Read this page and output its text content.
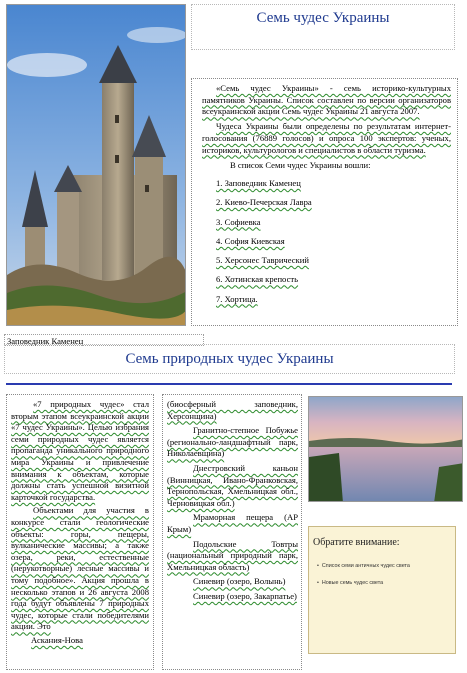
Семь чудес Украины

«Семь чудес Украины» - семь историко-культурных памятников Украины. Список составлен по версии организаторов всеукраинской акции Семь чудес Украины 21 августа 2007.

Чудеса Украины были определены по результатам интернет-голосования (76889 голосов) и опроса 100 экспертов: ученых, историков, культурологов и специалистов в области туризма.

В список Семи чудес Украины вошли:
1. Заповедник Каменец
2. Киево-Печерская Лавра
3. Софиевка
4. София Киевская
5. Херсонес Таврический
6. Хотинская крепость
7. Хортица.
Заповедник Каменец
Семь природных чудес Украины

«7 природных чудес» стал вторым этапом всеукраинской акции «7 чудес Украины». Целью избрания семи природных чудес является пропаганда уникального природного мира Украины и привлечение внимания к объектам, которые должны стать успешной визитной карточкой государства.

Объектами для участия в конкурсе стали геологические объекты: горы, пещеры, вулканические массивы; а также озера, реки, естественные (нерукотворные) лесные массивы и тому подобное». Акция прошла в несколько этапов и 26 августа 2008 года будут объявлены 7 природных чудес, которые стали победителями акции. Это

Аскания-Нова

(биосферный заповедник, Херсонщина)

Гранитно-степное Побужье (регионально-ландшафтный парк, Николаевщина)

Днестровский каньон (Винницкая, Ивано-Франковская, Тернопольская, Хмельницкая обл., Черновицкая обл.)

Мраморная пещера (АР Крым)

Подольские Товтры (национальный природный парк, Хмельницкая область)

Синевир (озеро, Волынь)

Синевир (озеро, Закарпатье)

Обратите внимание:
• Список семи античных чудес света
• Новые семь чудес света
